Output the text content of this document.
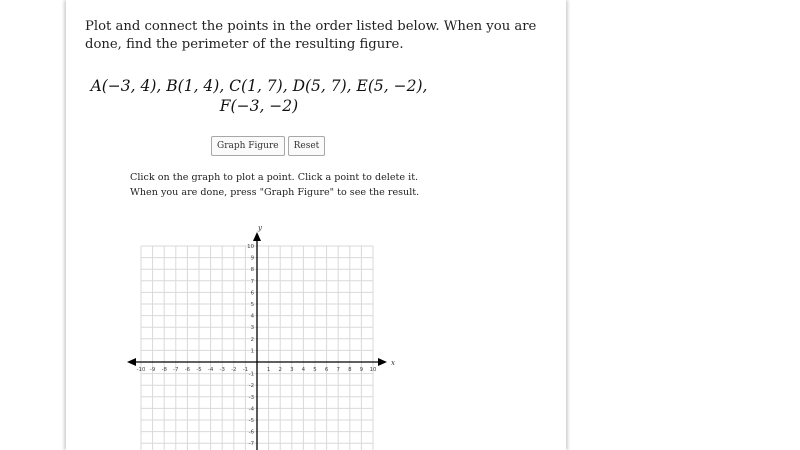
Plot and connect the points in the order listed below. When you are done, find the perimeter of the resulting figure.
A(−3, 4), B(1, 4), C(1, 7), D(5, 7), E(5, −2),
F(−3, −2)
Graph Figure	Reset
Click on the graph to plot a point. Click a point to delete it.
When you are done, press "Graph Figure" to see the result.
x
y
-10 -9 -8 -7 -6 -5 -4 -3 -2 -1	1 2 3 4 5 6 7 8 9 10
10
9
8
7
6
5
4
3
2
1
-1
-2
-3
-4
-5
-6
-7
